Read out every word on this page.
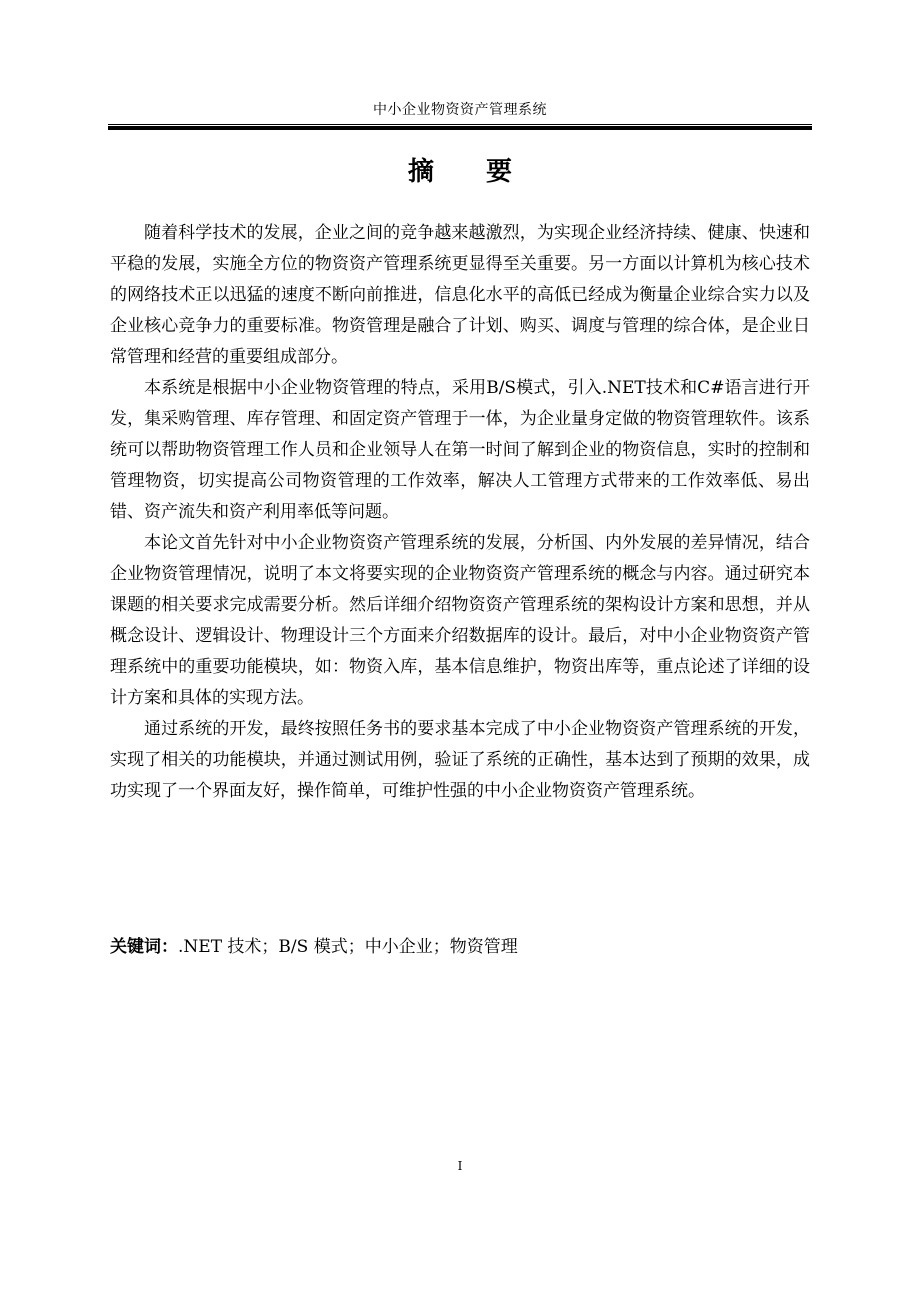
中小企业物资资产管理系统
摘　　要

随着科学技术的发展，企业之间的竞争越来越激烈，为实现企业经济持续、健康、快速和平稳的发展，实施全方位的物资资产管理系统更显得至关重要。另一方面以计算机为核心技术的网络技术正以迅猛的速度不断向前推进，信息化水平的高低已经成为衡量企业综合实力以及企业核心竞争力的重要标准。物资管理是融合了计划、购买、调度与管理的综合体，是企业日常管理和经营的重要组成部分。

本系统是根据中小企业物资管理的特点，采用B/S模式，引入.NET技术和C#语言进行开发，集采购管理、库存管理、和固定资产管理于一体，为企业量身定做的物资管理软件。该系统可以帮助物资管理工作人员和企业领导人在第一时间了解到企业的物资信息，实时的控制和管理物资，切实提高公司物资管理的工作效率，解决人工管理方式带来的工作效率低、易出错、资产流失和资产利用率低等问题。

本论文首先针对中小企业物资资产管理系统的发展，分析国、内外发展的差异情况，结合企业物资管理情况，说明了本文将要实现的企业物资资产管理系统的概念与内容。通过研究本课题的相关要求完成需要分析。然后详细介绍物资资产管理系统的架构设计方案和思想，并从概念设计、逻辑设计、物理设计三个方面来介绍数据库的设计。最后，对中小企业物资资产管理系统中的重要功能模块，如：物资入库，基本信息维护，物资出库等，重点论述了详细的设计方案和具体的实现方法。

通过系统的开发，最终按照任务书的要求基本完成了中小企业物资资产管理系统的开发，实现了相关的功能模块，并通过测试用例，验证了系统的正确性，基本达到了预期的效果，成功实现了一个界面友好，操作简单，可维护性强的中小企业物资资产管理系统。

关键词：.NET 技术；B/S 模式；中小企业；物资管理
I
